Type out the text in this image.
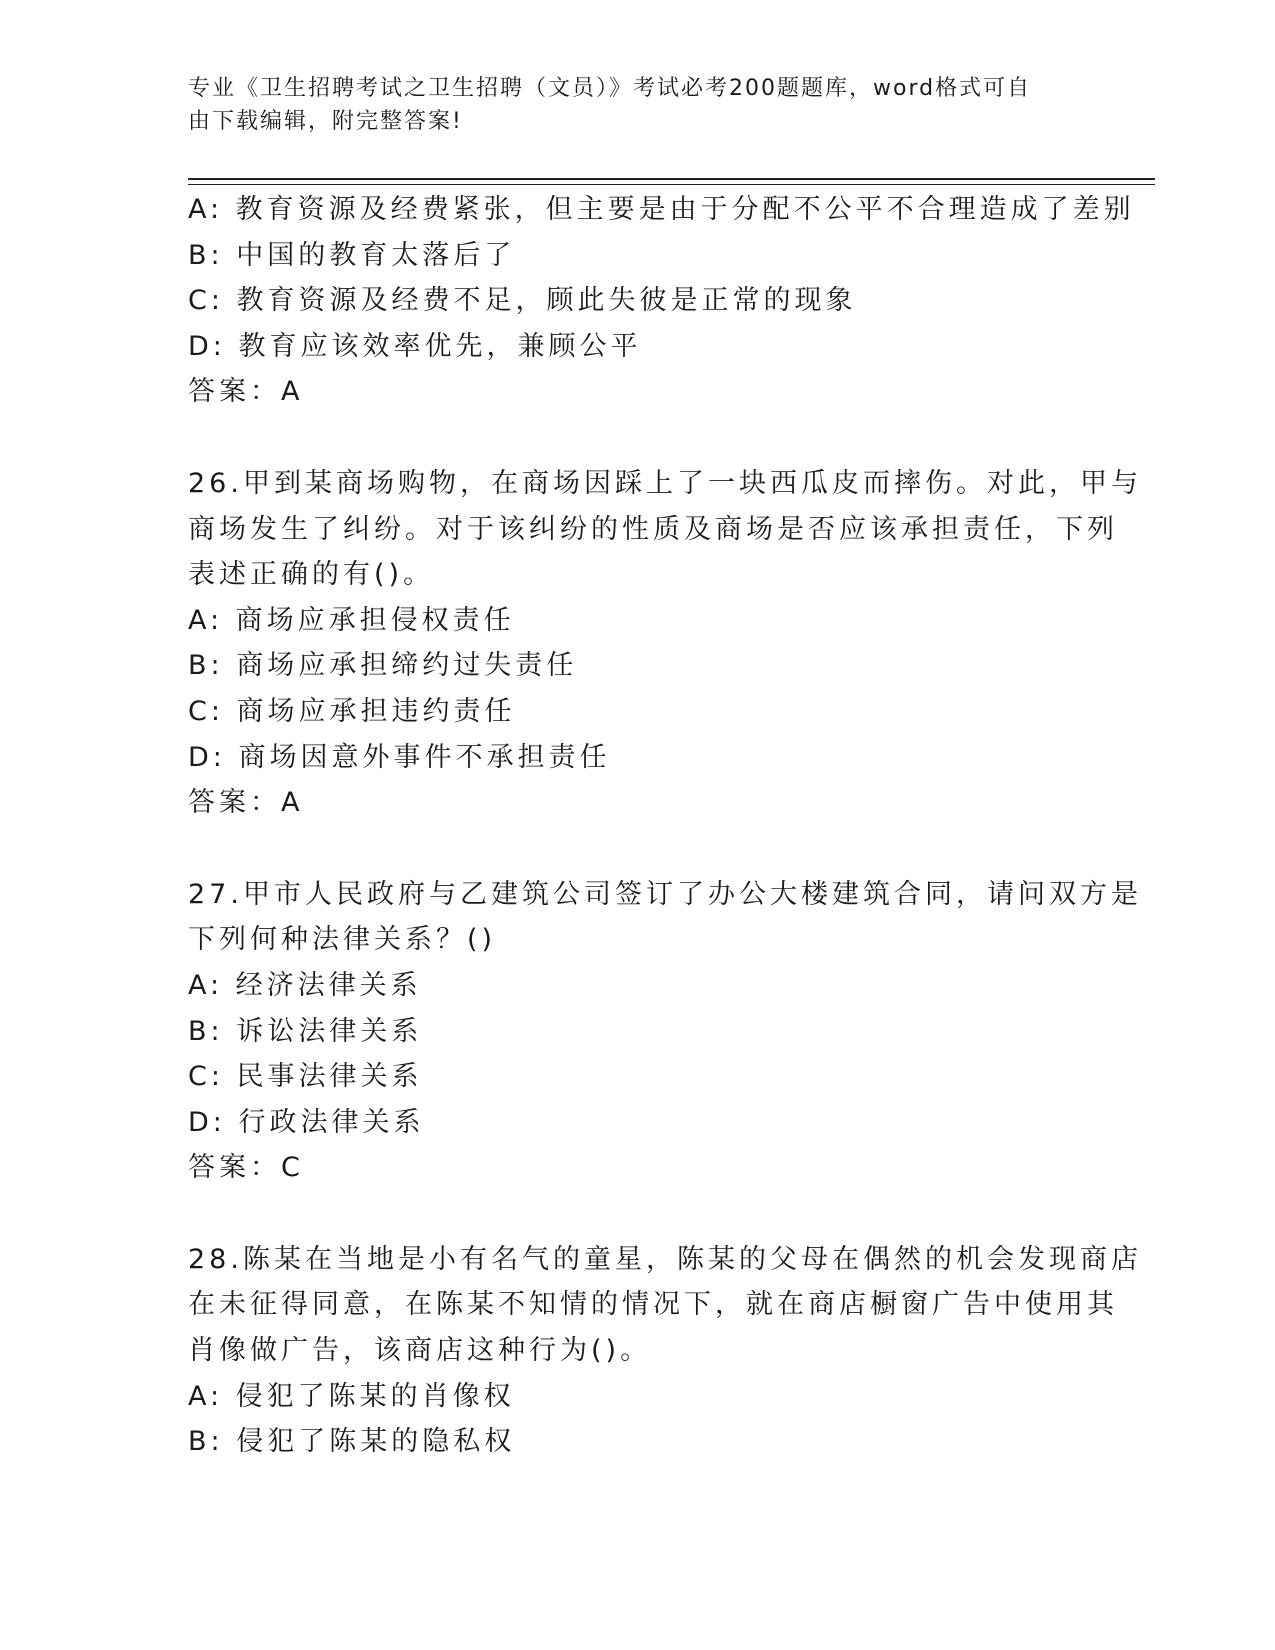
专业《卫生招聘考试之卫生招聘（文员）》考试必考200题题库，word格式可自
由下载编辑，附完整答案!
A: 教育资源及经费紧张，但主要是由于分配不公平不合理造成了差别
B: 中国的教育太落后了
C: 教育资源及经费不足，顾此失彼是正常的现象
D: 教育应该效率优先，兼顾公平
答案：A
26.甲到某商场购物，在商场因踩上了一块西瓜皮而摔伤。对此，甲与
商场发生了纠纷。对于该纠纷的性质及商场是否应该承担责任，下列
表述正确的有()。
A: 商场应承担侵权责任
B: 商场应承担缔约过失责任
C: 商场应承担违约责任
D: 商场因意外事件不承担责任
答案：A
27.甲市人民政府与乙建筑公司签订了办公大楼建筑合同，请问双方是
下列何种法律关系？()
A: 经济法律关系
B: 诉讼法律关系
C: 民事法律关系
D: 行政法律关系
答案：C
28.陈某在当地是小有名气的童星，陈某的父母在偶然的机会发现商店
在未征得同意，在陈某不知情的情况下，就在商店橱窗广告中使用其
肖像做广告，该商店这种行为()。
A: 侵犯了陈某的肖像权
B: 侵犯了陈某的隐私权
